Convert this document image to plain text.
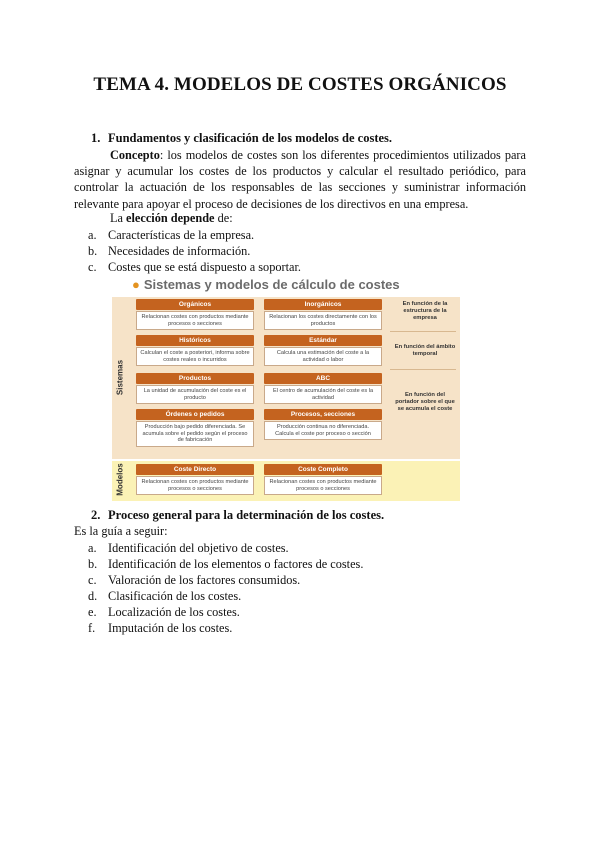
TEMA 4. MODELOS DE COSTES ORGÁNICOS
1. Fundamentos y clasificación de los modelos de costes.
Concepto: los modelos de costes son los diferentes procedimientos utilizados para asignar y acumular los costes de los productos y calcular el resultado periódico, para controlar la actuación de los responsables de las secciones y suministrar información relevante para apoyar el proceso de decisiones de los directivos en una empresa.
La elección depende de:
a. Características de la empresa.
b. Necesidades de información.
c. Costes que se está dispuesto a soportar.
● Sistemas y modelos de cálculo de costes
Sistemas
Modelos
Orgánicos
Relacionan costes con productos mediante procesos o secciones
Inorgánicos
Relacionan los costes directamente con los productos
Históricos
Calculan el coste a posteriori, informa sobre costes reales o incurridos
Estándar
Calcula una estimación del coste a la actividad o labor
Productos
La unidad de acumulación del coste es el producto
ABC
El centro de acumulación del coste es la actividad
Órdenes o pedidos
Producción bajo pedido diferenciada. Se acumula sobre el pedido según el proceso de fabricación
Procesos, secciones
Producción continua no diferenciada. Calcula el coste por proceso o sección
Coste Directo
Relacionan costes con productos mediante procesos o secciones
Coste Completo
Relacionan costes con productos mediante procesos o secciones
En función de la estructura de la empresa
En función del ámbito temporal
En función del portador sobre el que se acumula el coste
2. Proceso general para la determinación de los costes.
Es la guía a seguir:
a. Identificación del objetivo de costes.
b. Identificación de los elementos o factores de costes.
c. Valoración de los factores consumidos.
d. Clasificación de los costes.
e. Localización de los costes.
f. Imputación de los costes.
